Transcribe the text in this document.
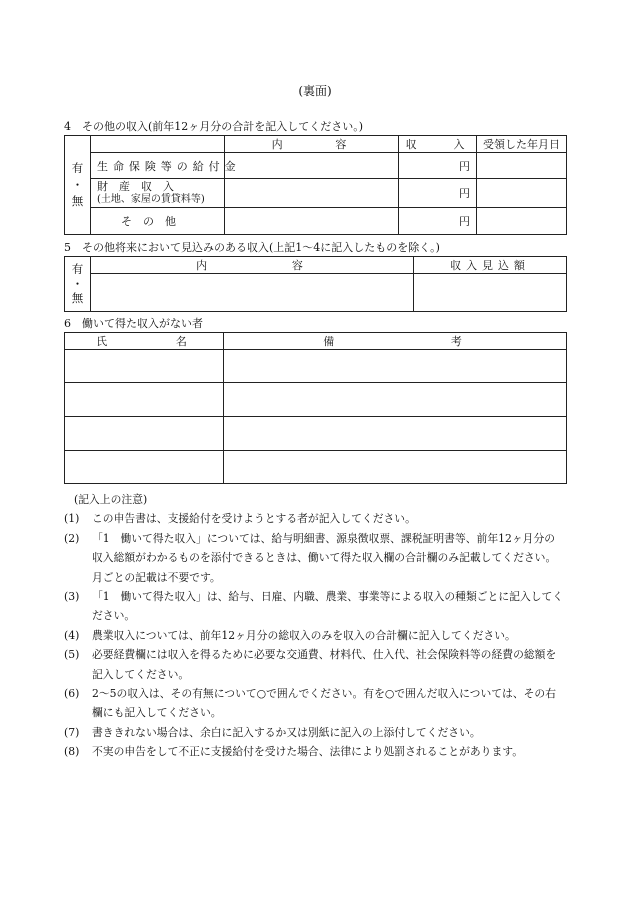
(裏面)
4　その他の収入(前年12ヶ月分の合計を記入してください。)
有
・
無		内　　　容	収　　入	受領した年月日
	生命保険等の給付金		円	

	財　産　収　入
(土地、家屋の賃貸料等)		円	
	そ　の　他		円	
5　その他将来において見込みのある収入(上記1〜4に記入したものを除く。)
有
・
無	内　　　　　容	収入見込額

6　働いて得た収入がない者
氏　　　　名	備　　　　　　　考

(記入上の注意)
(1) この申告書は、支援給付を受けようとする者が記入してください。
(2) 「1　働いて得た収入」については、給与明細書、源泉徴収票、課税証明書等、前年12ヶ月分の収入総額がわかるものを添付できるときは、働いて得た収入欄の合計欄のみ記載してください。月ごとの記載は不要です。
(3) 「1　働いて得た収入」は、給与、日雇、内職、農業、事業等による収入の種類ごとに記入してください。
(4) 農業収入については、前年12ヶ月分の総収入のみを収入の合計欄に記入してください。
(5) 必要経費欄には収入を得るために必要な交通費、材料代、仕入代、社会保険料等の経費の総額を記入してください。
(6) 2〜5の収入は、その有無について○で囲んでください。有を○で囲んだ収入については、その右欄にも記入してください。
(7) 書ききれない場合は、余白に記入するか又は別紙に記入の上添付してください。
(8) 不実の申告をして不正に支援給付を受けた場合、法律により処罰されることがあります。
